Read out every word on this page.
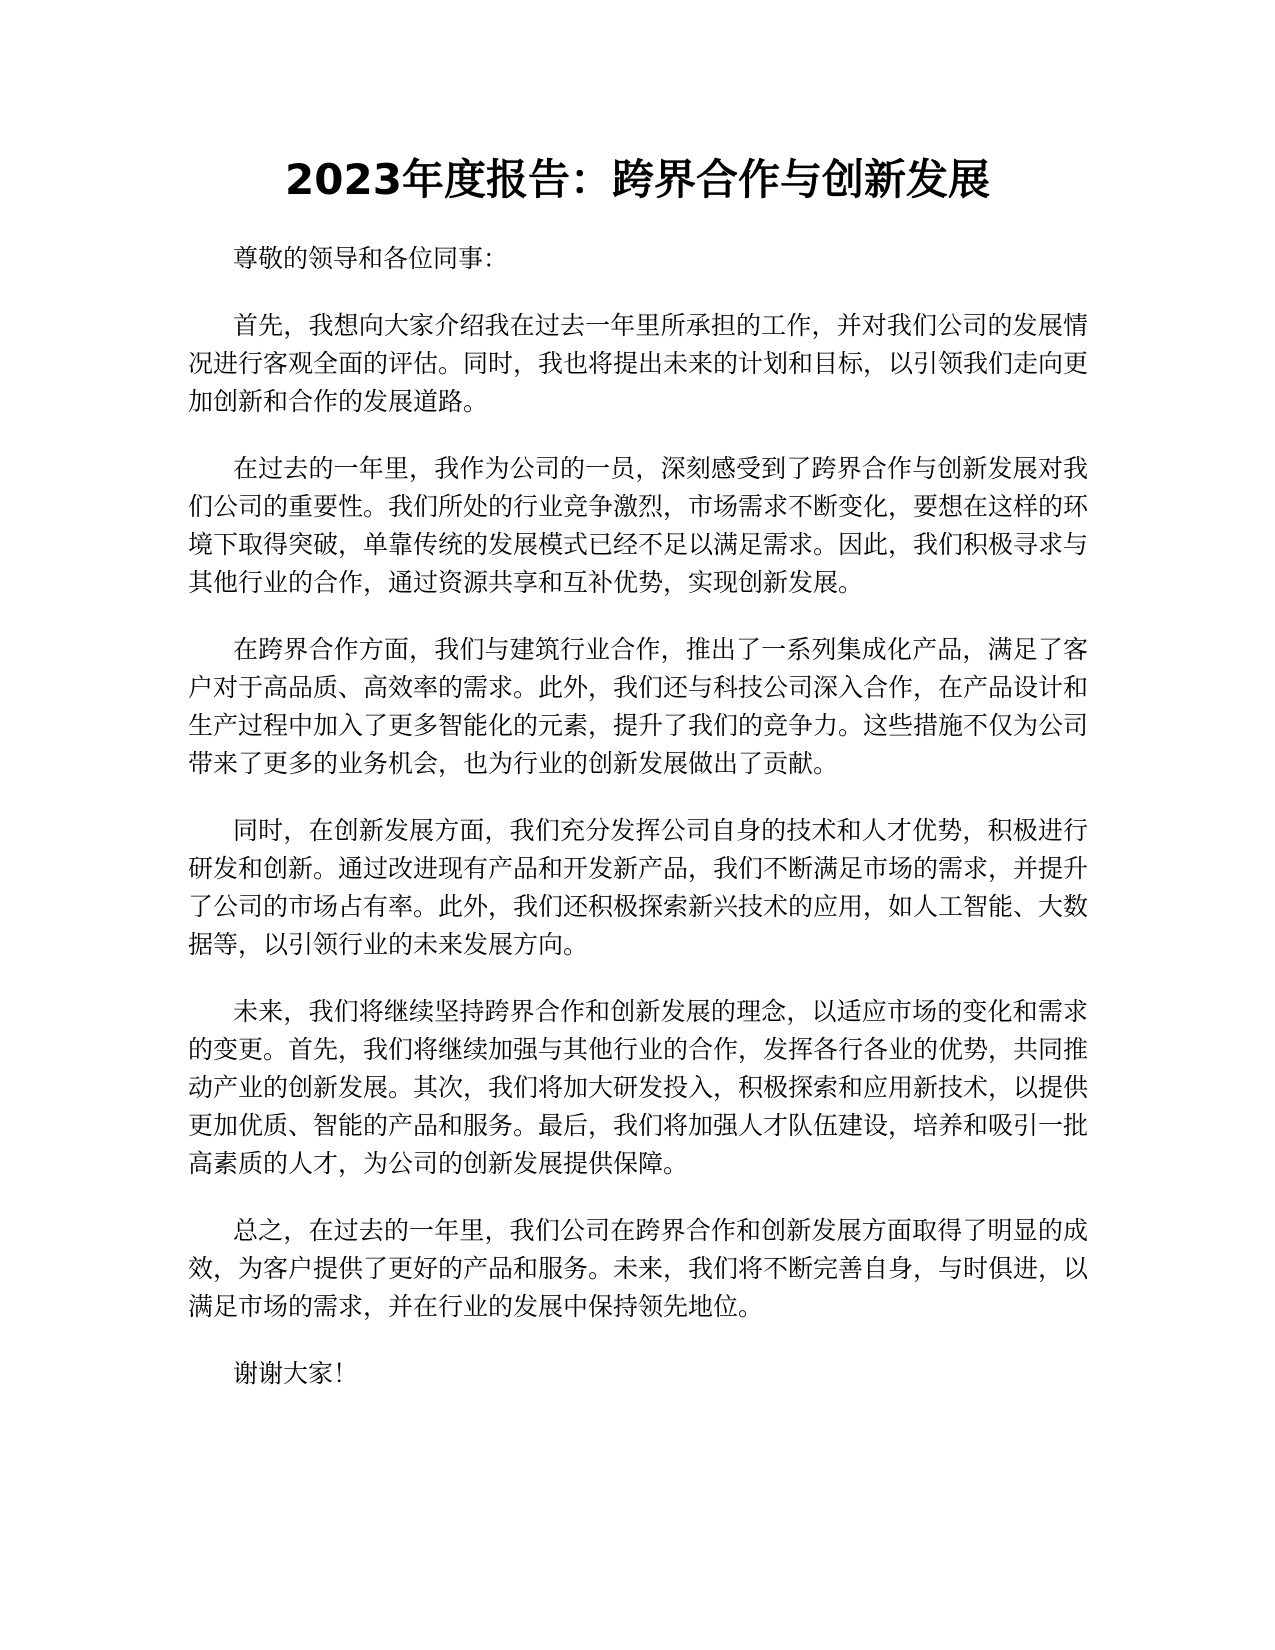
2023年度报告：跨界合作与创新发展

尊敬的领导和各位同事：

首先，我想向大家介绍我在过去一年里所承担的工作，并对我们公司的发展情况进行客观全面的评估。同时，我也将提出未来的计划和目标，以引领我们走向更加创新和合作的发展道路。

在过去的一年里，我作为公司的一员，深刻感受到了跨界合作与创新发展对我们公司的重要性。我们所处的行业竞争激烈，市场需求不断变化，要想在这样的环境下取得突破，单靠传统的发展模式已经不足以满足需求。因此，我们积极寻求与其他行业的合作，通过资源共享和互补优势，实现创新发展。

在跨界合作方面，我们与建筑行业合作，推出了一系列集成化产品，满足了客户对于高品质、高效率的需求。此外，我们还与科技公司深入合作，在产品设计和生产过程中加入了更多智能化的元素，提升了我们的竞争力。这些措施不仅为公司带来了更多的业务机会，也为行业的创新发展做出了贡献。

同时，在创新发展方面，我们充分发挥公司自身的技术和人才优势，积极进行研发和创新。通过改进现有产品和开发新产品，我们不断满足市场的需求，并提升了公司的市场占有率。此外，我们还积极探索新兴技术的应用，如人工智能、大数据等，以引领行业的未来发展方向。

未来，我们将继续坚持跨界合作和创新发展的理念，以适应市场的变化和需求的变更。首先，我们将继续加强与其他行业的合作，发挥各行各业的优势，共同推动产业的创新发展。其次，我们将加大研发投入，积极探索和应用新技术，以提供更加优质、智能的产品和服务。最后，我们将加强人才队伍建设，培养和吸引一批高素质的人才，为公司的创新发展提供保障。

总之，在过去的一年里，我们公司在跨界合作和创新发展方面取得了明显的成效，为客户提供了更好的产品和服务。未来，我们将不断完善自身，与时俱进，以满足市场的需求，并在行业的发展中保持领先地位。

谢谢大家！
